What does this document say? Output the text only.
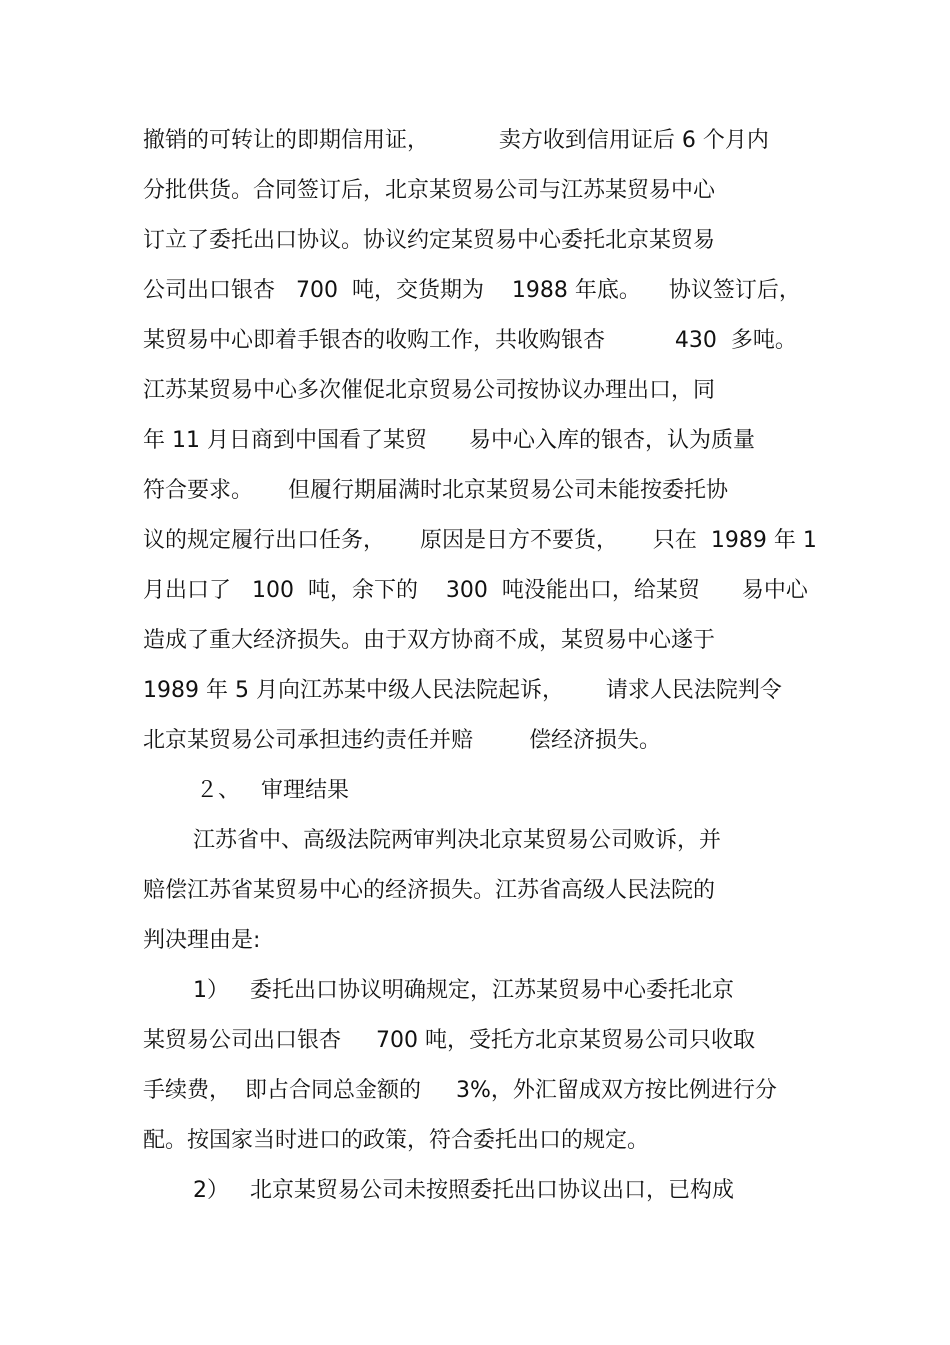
撤销的可转让的即期信用证，          卖方收到信用证后 6 个月内
分批供货。合同签订后，北京某贸易公司与江苏某贸易中心
订立了委托出口协议。协议约定某贸易中心委托北京某贸易
公司出口银杏   700  吨，交货期为    1988 年底。    协议签订后，
某贸易中心即着手银杏的收购工作，共收购银杏          430  多吨。
江苏某贸易中心多次催促北京贸易公司按协议办理出口，同
年 11 月日商到中国看了某贸      易中心入库的银杏，认为质量
符合要求。     但履行期届满时北京某贸易公司未能按委托协
议的规定履行出口任务，     原因是日方不要货，     只在  1989 年 1
月出口了   100  吨，余下的    300  吨没能出口，给某贸      易中心
造成了重大经济损失。由于双方协商不成，某贸易中心遂于
1989 年 5 月向江苏某中级人民法院起诉，      请求人民法院判令
北京某贸易公司承担违约责任并赔        偿经济损失。
２、   审理结果
江苏省中、高级法院两审判决北京某贸易公司败诉，并
赔偿江苏省某贸易中心的经济损失。江苏省高级人民法院的
判决理由是:
1）   委托出口协议明确规定，江苏某贸易中心委托北京
某贸易公司出口银杏     700 吨，受托方北京某贸易公司只收取
手续费，  即占合同总金额的     3%，外汇留成双方按比例进行分
配。按国家当时进口的政策，符合委托出口的规定。
2）   北京某贸易公司未按照委托出口协议出口，已构成
